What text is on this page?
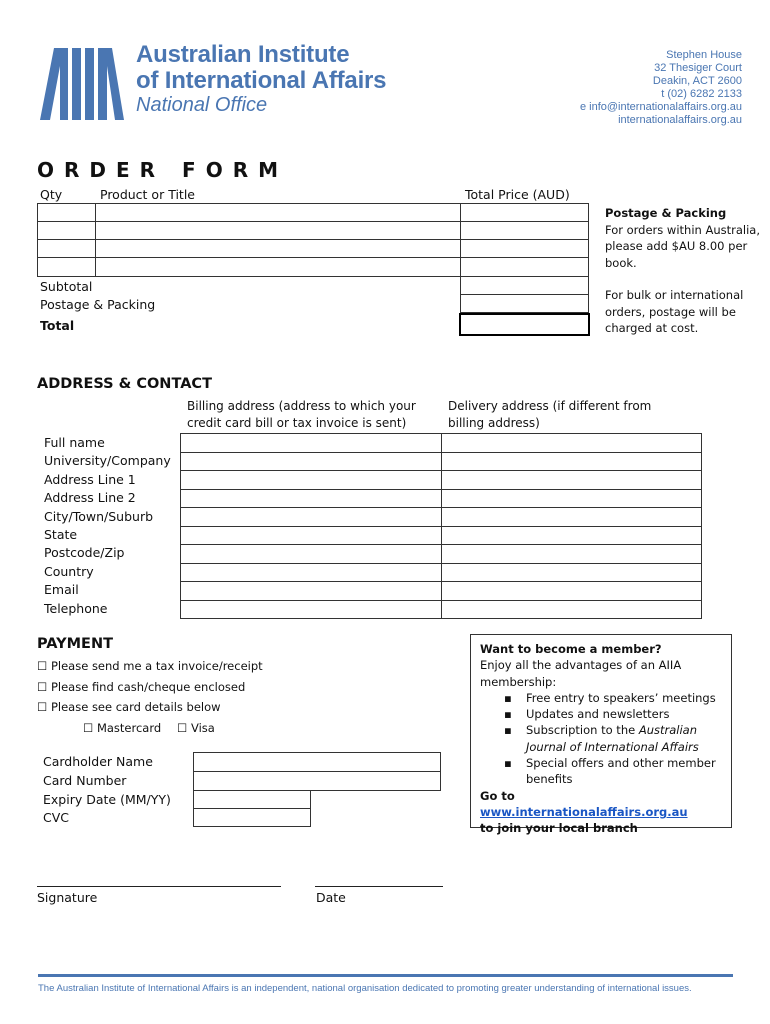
Australian Institute
of International Affairs
National Office
Stephen House
32 Thesiger Court
Deakin, ACT 2600
t (02) 6282 2133
e info@internationalaffairs.org.au
internationalaffairs.org.au
ORDER FORM
Qty	Product or Title	Total Price (AUD)
Subtotal
Postage & Packing
Total
Postage & Packing
For orders within Australia, please add $AU 8.00 per book.
For bulk or international orders, postage will be charged at cost.
ADDRESS & CONTACT
Billing address (address to which your credit card bill or tax invoice is sent)
Delivery address (if different from billing address)
Full name
University/Company
Address Line 1
Address Line 2
City/Town/Suburb
State
Postcode/Zip
Country
Email
Telephone
PAYMENT
☐ Please send me a tax invoice/receipt
☐ Please find cash/cheque enclosed
☐ Please see card details below
☐ Mastercard ☐ Visa
Cardholder Name
Card Number
Expiry Date (MM/YY)
CVC
Want to become a member?
Enjoy all the advantages of an AIIA membership:
▪ Free entry to speakers’ meetings
▪ Updates and newsletters
▪ Subscription to the Australian Journal of International Affairs
▪ Special offers and other member benefits
Go to www.internationalaffairs.org.au
to join your local branch
Signature	Date
The Australian Institute of International Affairs is an independent, national organisation dedicated to promoting greater understanding of international issues.
